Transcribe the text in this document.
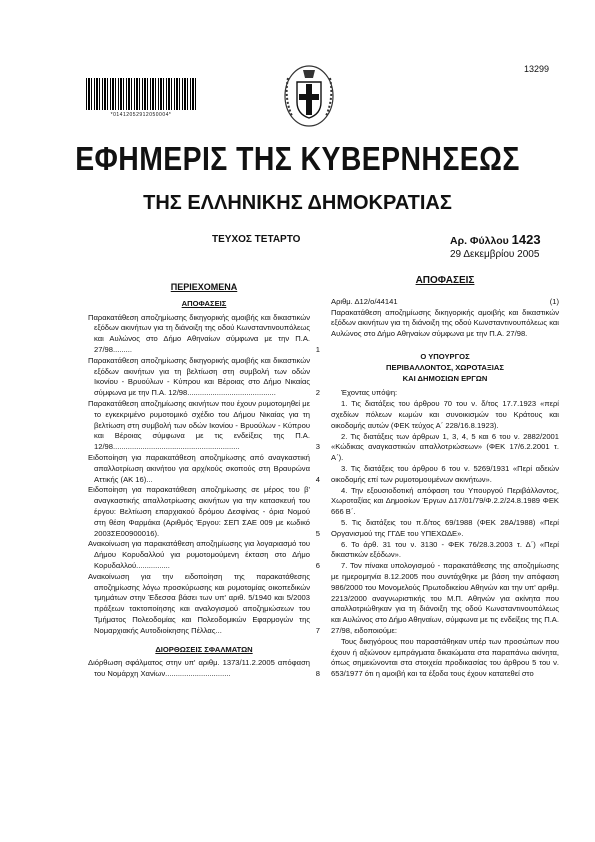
*01412052912050004*
13299
ΕΦΗΜΕΡΙΣ ΤΗΣ ΚΥΒΕΡΝΗΣΕΩΣ
ΤΗΣ ΕΛΛΗΝΙΚΗΣ ΔΗΜΟΚΡΑΤΙΑΣ
ΤΕΥΧΟΣ ΤΕΤΑΡΤΟ	Αρ. Φύλλου 1423
29 Δεκεμβρίου 2005
ΠΕΡΙΕΧΟΜΕΝΑ
ΑΠΟΦΑΣΕΙΣ
Παρακατάθεση αποζημίωσης δικηγορικής αμοιβής και δικαστικών εξόδων ακινήτων για τη διάνοιξη της οδού Κωνσταντινουπόλεως και Αυλώνος στο Δήμο Αθηναίων σύμφωνα με την Π.Α. 27/98.........	1
Παρακατάθεση αποζημίωσης δικηγορικής αμοιβής και δικαστικών εξόδων ακινήτων για τη βελτίωση στη συμβολή των οδών Ικονίου - Βρυούλων - Κύπρου και Βέροιας στο Δήμο Νικαίας σύμφωνα με την Π.Α. 12/98..........................................	2
Παρακατάθεση αποζημίωσης ακινήτων που έχουν ρυμοτομηθεί με το εγκεκριμένο ρυμοτομικό σχέδιο του Δήμου Νικαίας για τη βελτίωση στη συμβολή των οδών Ικονίου - Βρυούλων - Κύπρου και Βέροιας σύμφωνα με τις ενδείξεις της Π.Α. 12/98............................................................	3
Ειδοποίηση για παρακατάθεση αποζημίωσης από αναγκαστική απαλλοτρίωση ακινήτου για αρχ/κούς σκοπούς στη Βραυρώνα Αττικής (ΑΚ 16)...	4
Ειδοποίηση για παρακατάθεση αποζημίωσης σε μέρος του β' αναγκαστικής απαλλοτρίωσης ακινήτων για την κατασκευή του έργου: Βελτίωση επαρχιακού δρόμου Δεσφίνας - όρια Νομού στη θέση Φαρμάκα (Αριθμός Έργου: ΣΕΠ ΣΑΕ 009 με κωδικό 2003ΣΕ00900016).	5
Ανακοίνωση για παρακατάθεση αποζημίωσης για λογαριασμό του Δήμου Κορυδαλλού για ρυμοτομούμενη έκταση στο Δήμο Κορυδαλλού................	6
Ανακοίνωση για την ειδοποίηση της παρακατάθεσης αποζημίωσης λόγω προσκύρωσης και ρυμοτομίας οικοπεδικών τμημάτων στην Έδεσσα βάσει των υπ' αριθ. 5/1940 και 5/2003 πράξεων τακτοποίησης και αναλογισμού αποζημιώσεων του Τμήματος Πολεοδομίας και Πολεοδομικών Εφαρμογών της Νομαρχιακής Αυτοδιοίκησης Πέλλας...	7
ΔΙΟΡΘΩΣΕΙΣ ΣΦΑΛΜΑΤΩΝ
Διόρθωση σφάλματος στην υπ' αριθμ. 1373/11.2.2005 απόφαση του Νομάρχη Χανίων...............................	8
ΑΠΟΦΑΣΕΙΣ
Αριθμ. Δ12/ο/44141	(1)
Παρακατάθεση αποζημίωσης δικηγορικής αμοιβής και δικαστικών εξόδων ακινήτων για τη διάνοιξη της οδού Κωνσταντινουπόλεως και Αυλώνος στο Δήμο Αθηναίων σύμφωνα με την Π.Α. 27/98.
Ο ΥΠΟΥΡΓΟΣ
ΠΕΡΙΒΑΛΛΟΝΤΟΣ, ΧΩΡΟΤΑΞΙΑΣ
ΚΑΙ ΔΗΜΟΣΙΩΝ ΕΡΓΩΝ
Έχοντας υπόψη:
1. Τις διατάξεις του άρθρου 70 του ν. δ/τος 17.7.1923 «περί σχεδίων πόλεων κωμών και συνοικισμών του Κράτους και οικοδομής αυτών (ΦΕΚ τεύχος Α΄ 228/16.8.1923).
2. Τις διατάξεις των άρθρων 1, 3, 4, 5 και 6 του ν. 2882/2001 «Κώδικας αναγκαστικών απαλλοτριώσεων» (ΦΕΚ 17/6.2.2001 τ. Α΄).
3. Τις διατάξεις του άρθρου 6 του ν. 5269/1931 «Περί αδειών οικοδομής επί των ρυμοτομουμένων ακινήτων».
4. Την εξουσιοδοτική απόφαση του Υπουργού Περιβάλλοντος, Χωροταξίας και Δημοσίων Έργων Δ17/01/79/Φ.2.2/24.8.1989 ΦΕΚ 666 Β΄.
5. Τις διατάξεις του π.δ/τος 69/1988 (ΦΕΚ 28Α/1988) «Περί Οργανισμού της ΓΓΔΕ του ΥΠΕΧΩΔΕ».
6. Το άρθ. 31 του ν. 3130 - ΦΕΚ 76/28.3.2003 τ. Δ΄) «Περί δικαστικών εξόδων».
7. Τον πίνακα υπολογισμού - παρακατάθεσης της αποζημίωσης με ημερομηνία 8.12.2005 που συντάχθηκε με βάση την απόφαση 986/2000 του Μονομελούς Πρωτοδικείου Αθηνών και την υπ' αριθμ. 2213/2000 αναγνωριστικής του Μ.Π. Αθηνών για ακίνητα που απαλλοτριώθηκαν για τη διάνοιξη της οδού Κωνσταντινουπόλεως και Αυλώνος στο Δήμο Αθηναίων, σύμφωνα με τις ενδείξεις της Π.Α. 27/98, ειδοποιούμε:
Τους δικηγόρους που παραστάθηκαν υπέρ των προσώπων που έχουν ή αξιώνουν εμπράγματα δικαιώματα στα παραπάνω ακίνητα, όπως σημειώνονται στα στοιχεία προδικασίας του άρθρου 5 του ν. 653/1977 ότι η αμοιβή και τα έξοδα τους έχουν κατατεθεί στο
